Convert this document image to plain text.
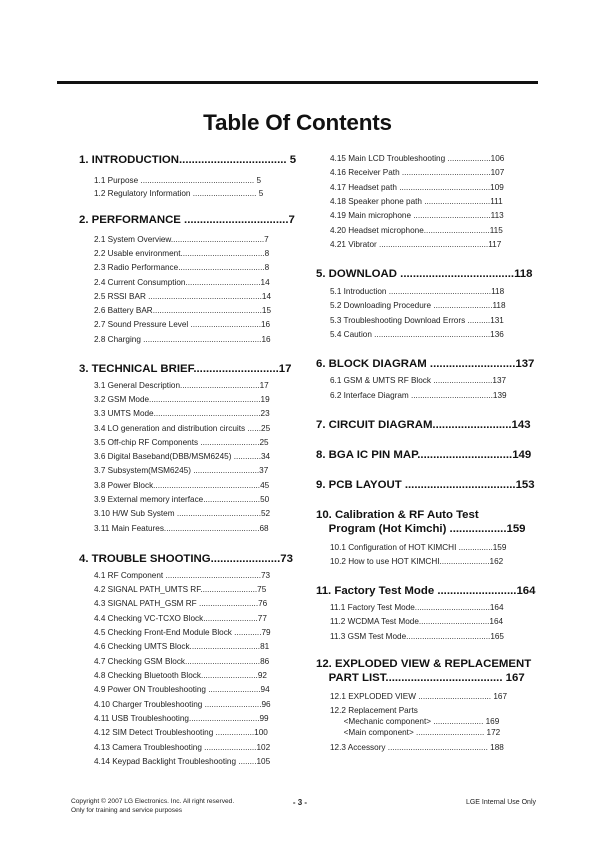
Table Of Contents
1. INTRODUCTION.................................. 5
1.1 Purpose .................................................. 5
1.2 Regulatory Information ............................ 5
2. PERFORMANCE .................................7
2.1 System Overview.........................................7
2.2 Usable environment.....................................8
2.3 Radio Performance......................................8
2.4 Current Consumption.................................14
2.5 RSSI BAR ..................................................14
2.6 Battery BAR................................................15
2.7 Sound Pressure Level ...............................16
2.8 Charging ....................................................16
3. TECHNICAL BRIEF...........................17
3.1 General Description...................................17
3.2 GSM Mode.................................................19
3.3 UMTS Mode...............................................23
3.4 LO generation and distribution circuits ......25
3.5 Off-chip RF Components ..........................25
3.6 Digital Baseband(DBB/MSM6245) ............34
3.7 Subsystem(MSM6245) .............................37
3.8 Power Block...............................................45
3.9 External memory interface.........................50
3.10 H/W Sub System .....................................52
3.11 Main Features..........................................68
4. TROUBLE SHOOTING......................73
4.1 RF Component ..........................................73
4.2 SIGNAL PATH_UMTS RF.........................75
4.3 SIGNAL PATH_GSM RF ..........................76
4.4 Checking VC-TCXO Block........................77
4.5 Checking Front-End Module Block ............79
4.6 Checking UMTS Block...............................81
4.7 Checking GSM Block.................................86
4.8 Checking Bluetooth Block.........................92
4.9 Power ON Troubleshooting .......................94
4.10 Charger Troubleshooting .........................96
4.11 USB Troubleshooting...............................99
4.12 SIM Detect Troubleshooting .................100
4.13 Camera Troubleshooting .......................102
4.14 Keypad Backlight Troubleshooting ........105
4.15 Main LCD Troubleshooting ...................106
4.16 Receiver Path .......................................107
4.17 Headset path ........................................109
4.18 Speaker phone path .............................111
4.19 Main microphone ..................................113
4.20 Headset microphone.............................115
4.21 Vibrator ................................................117
5. DOWNLOAD ....................................118
5.1 Introduction .............................................118
5.2 Downloading Procedure ..........................118
5.3 Troubleshooting Download Errors ..........131
5.4 Caution ...................................................136
6. BLOCK DIAGRAM ...........................137
6.1 GSM & UMTS RF Block ..........................137
6.2 Interface Diagram ....................................139
7. CIRCUIT DIAGRAM.........................143
8. BGA IC PIN MAP..............................149
9. PCB LAYOUT ...................................153
10. Calibration & RF Auto Test
Program (Hot Kimchi) ..................159
10.1 Configuration of HOT KIMCHI ...............159
10.2 How to use HOT KIMCHI......................162
11. Factory Test Mode .........................164
11.1 Factory Test Mode.................................164
11.2 WCDMA Test Mode...............................164
11.3 GSM Test Mode.....................................165
12. EXPLODED VIEW & REPLACEMENT
PART LIST..................................... 167
12.1 EXPLODED VIEW ................................ 167
12.2 Replacement Parts
<Mechanic component> ...................... 169
<Main component> .............................. 172
12.3 Accessory ............................................ 188
Copyright © 2007 LG Electronics. Inc. All right reserved.
Only for training and service purposes
- 3 -	LGE Internal Use Only
